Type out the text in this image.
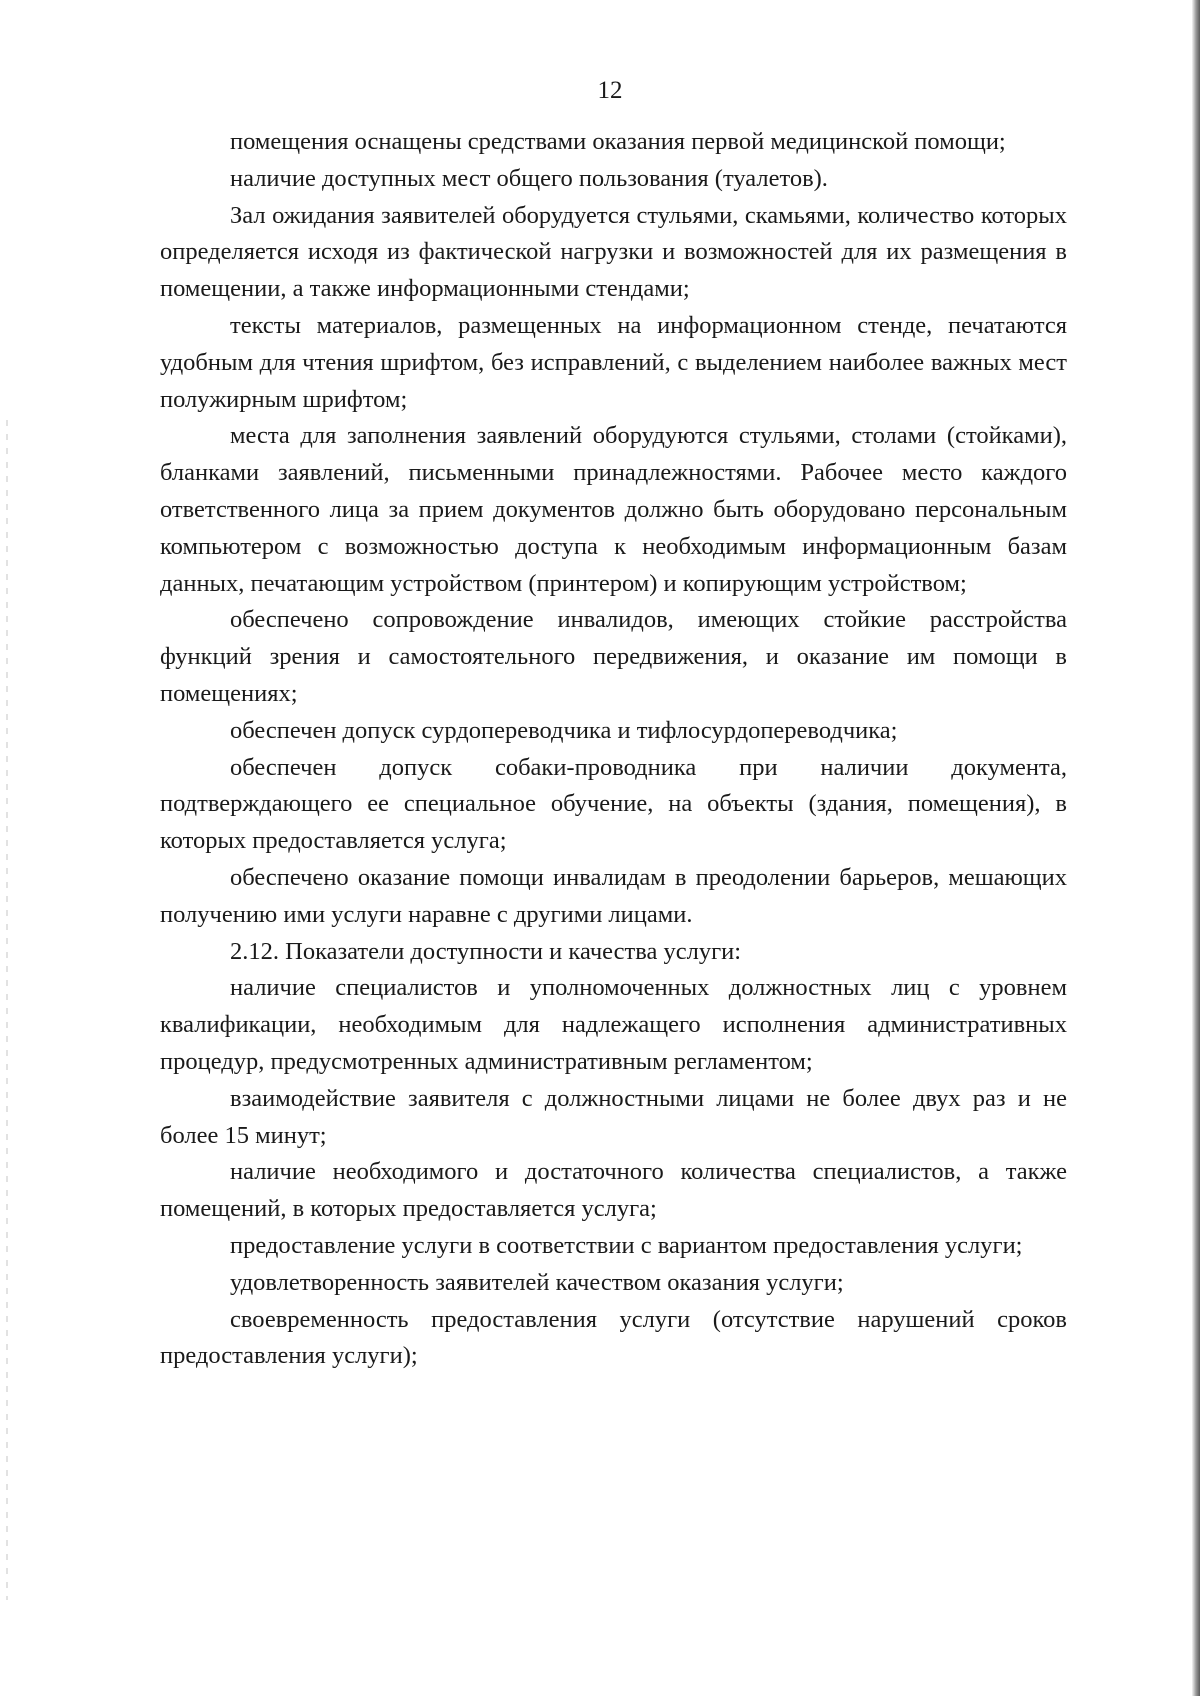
12

помещения оснащены средствами оказания первой медицинской помощи;

наличие доступных мест общего пользования (туалетов).

Зал ожидания заявителей оборудуется стульями, скамьями, количество которых определяется исходя из фактической нагрузки и возможностей для их размещения в помещении, а также информационными стендами;

тексты материалов, размещенных на информационном стенде, печатаются удобным для чтения шрифтом, без исправлений, с выделением наиболее важных мест полужирным шрифтом;

места для заполнения заявлений оборудуются стульями, столами (стойками), бланками заявлений, письменными принадлежностями. Рабочее место каждого ответственного лица за прием документов должно быть оборудовано персональным компьютером с возможностью доступа к необходимым информационным базам данных, печатающим устройством (принтером) и копирующим устройством;

обеспечено сопровождение инвалидов, имеющих стойкие расстройства функций зрения и самостоятельного передвижения, и оказание им помощи в помещениях;

обеспечен допуск сурдопереводчика и тифлосурдопереводчика;

обеспечен допуск собаки-проводника при наличии документа, подтверждающего ее специальное обучение, на объекты (здания, помещения), в которых предоставляется услуга;

обеспечено оказание помощи инвалидам в преодолении барьеров, мешающих получению ими услуги наравне с другими лицами.

2.12. Показатели доступности и качества услуги:

наличие специалистов и уполномоченных должностных лиц с уровнем квалификации, необходимым для надлежащего исполнения административных процедур, предусмотренных административным регламентом;

взаимодействие заявителя с должностными лицами не более двух раз и не более 15 минут;

наличие необходимого и достаточного количества специалистов, а также помещений, в которых предоставляется услуга;

предоставление услуги в соответствии с вариантом предоставления услуги;

удовлетворенность заявителей качеством оказания услуги;

своевременность предоставления услуги (отсутствие нарушений сроков предоставления услуги);
